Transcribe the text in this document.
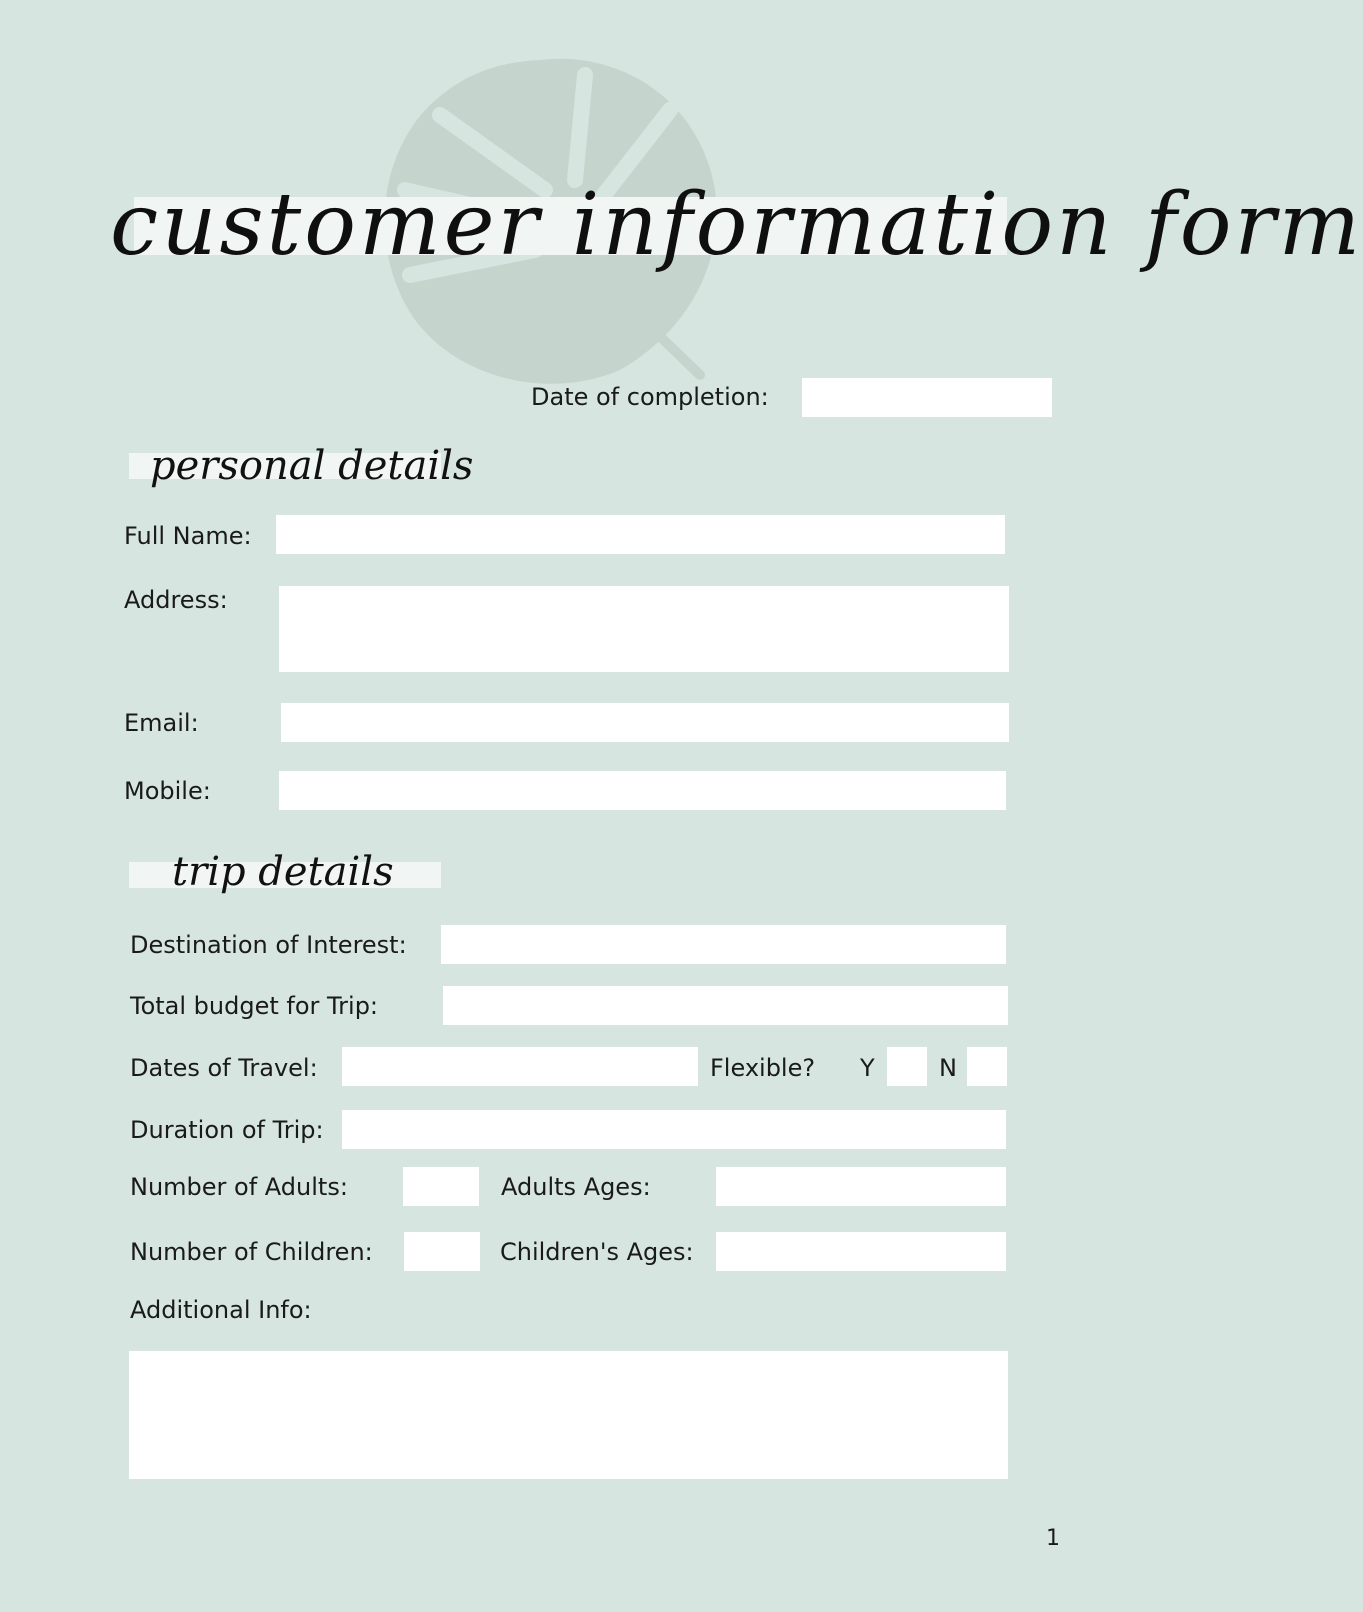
customer information form
Date of completion:
personal details
Full Name:
Address:
Email:
Mobile:
trip details
Destination of Interest:
Total budget for Trip:
Dates of Travel:	Flexible? Y	N
Duration of Trip:
Number of Adults:	Adults Ages:
Number of Children:	Children's Ages:
Additional Info:
1
